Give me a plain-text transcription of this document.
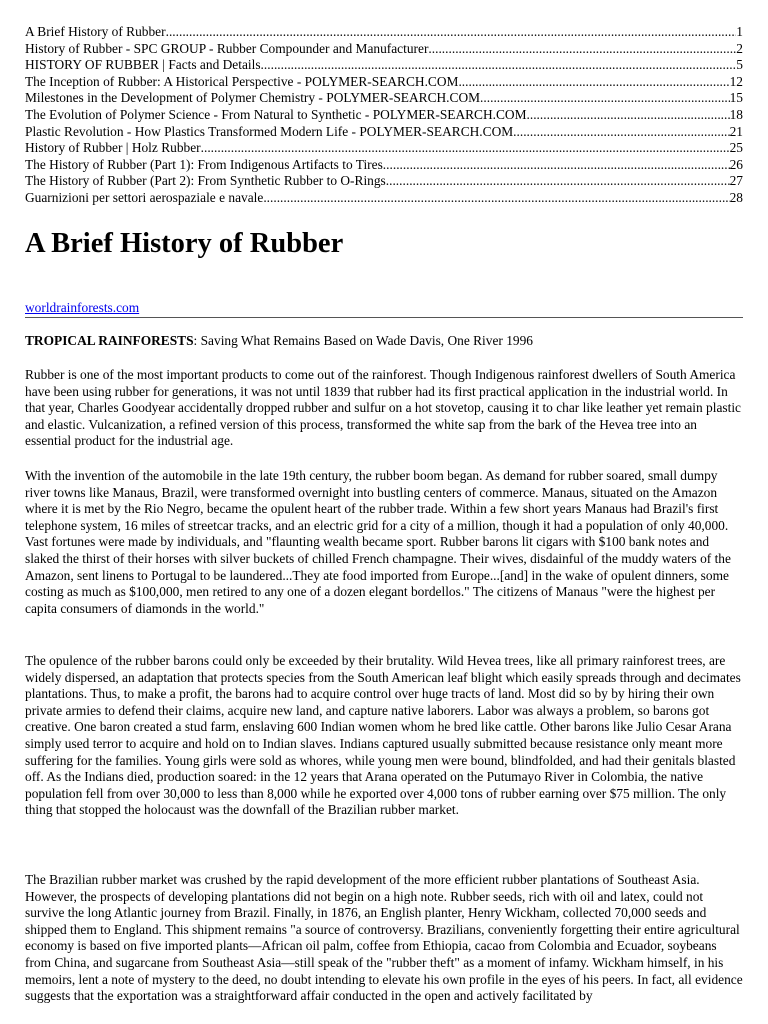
A Brief History of Rubber .....	1
History of Rubber - SPC GROUP - Rubber Compounder and Manufacturer .....	2
HISTORY OF RUBBER | Facts and Details .....	5
The Inception of Rubber: A Historical Perspective - POLYMER-SEARCH.COM .....	12
Milestones in the Development of Polymer Chemistry - POLYMER-SEARCH.COM .....	15
The Evolution of Polymer Science - From Natural to Synthetic - POLYMER-SEARCH.COM .....	18
Plastic Revolution - How Plastics Transformed Modern Life - POLYMER-SEARCH.COM .....	21
History of Rubber | Holz Rubber .....	25
The History of Rubber (Part 1): From Indigenous Artifacts to Tires .....	26
The History of Rubber (Part 2): From Synthetic Rubber to O-Rings .....	27
Guarnizioni per settori aerospaziale e navale .....	28
A Brief History of Rubber
worldrainforests.com

TROPICAL RAINFORESTS: Saving What Remains Based on Wade Davis, One River 1996

Rubber is one of the most important products to come out of the rainforest. Though Indigenous rainforest dwellers of South America have been using rubber for generations, it was not until 1839 that rubber had its first practical application in the industrial world. In that year, Charles Goodyear accidentally dropped rubber and sulfur on a hot stovetop, causing it to char like leather yet remain plastic and elastic. Vulcanization, a refined version of this process, transformed the white sap from the bark of the Hevea tree into an essential product for the industrial age.

With the invention of the automobile in the late 19th century, the rubber boom began. As demand for rubber soared, small dumpy river towns like Manaus, Brazil, were transformed overnight into bustling centers of commerce. Manaus, situated on the Amazon where it is met by the Rio Negro, became the opulent heart of the rubber trade. Within a few short years Manaus had Brazil's first telephone system, 16 miles of streetcar tracks, and an electric grid for a city of a million, though it had a population of only 40,000. Vast fortunes were made by individuals, and "flaunting wealth became sport. Rubber barons lit cigars with $100 bank notes and slaked the thirst of their horses with silver buckets of chilled French champagne. Their wives, disdainful of the muddy waters of the Amazon, sent linens to Portugal to be laundered...They ate food imported from Europe...[and] in the wake of opulent dinners, some costing as much as $100,000, men retired to any one of a dozen elegant bordellos." The citizens of Manaus "were the highest per capita consumers of diamonds in the world."

The opulence of the rubber barons could only be exceeded by their brutality. Wild Hevea trees, like all primary rainforest trees, are widely dispersed, an adaptation that protects species from the South American leaf blight which easily spreads through and decimates plantations. Thus, to make a profit, the barons had to acquire control over huge tracts of land. Most did so by by hiring their own private armies to defend their claims, acquire new land, and capture native laborers. Labor was always a problem, so barons got creative. One baron created a stud farm, enslaving 600 Indian women whom he bred like cattle. Other barons like Julio Cesar Arana simply used terror to acquire and hold on to Indian slaves. Indians captured usually submitted because resistance only meant more suffering for the families. Young girls were sold as whores, while young men were bound, blindfolded, and had their genitals blasted off. As the Indians died, production soared: in the 12 years that Arana operated on the Putumayo River in Colombia, the native population fell from over 30,000 to less than 8,000 while he exported over 4,000 tons of rubber earning over $75 million. The only thing that stopped the holocaust was the downfall of the Brazilian rubber market.

The Brazilian rubber market was crushed by the rapid development of the more efficient rubber plantations of Southeast Asia. However, the prospects of developing plantations did not begin on a high note. Rubber seeds, rich with oil and latex, could not survive the long Atlantic journey from Brazil. Finally, in 1876, an English planter, Henry Wickham, collected 70,000 seeds and shipped them to England. This shipment remains "a source of controversy. Brazilians, conveniently forgetting their entire agricultural economy is based on five imported plants—African oil palm, coffee from Ethiopia, cacao from Colombia and Ecuador, soybeans from China, and sugarcane from Southeast Asia—still speak of the "rubber theft" as a moment of infamy. Wickham himself, in his memoirs, lent a note of mystery to the deed, no doubt intending to elevate his own profile in the eyes of his peers. In fact, all evidence suggests that the exportation was a straightforward affair conducted in the open and actively facilitated by
